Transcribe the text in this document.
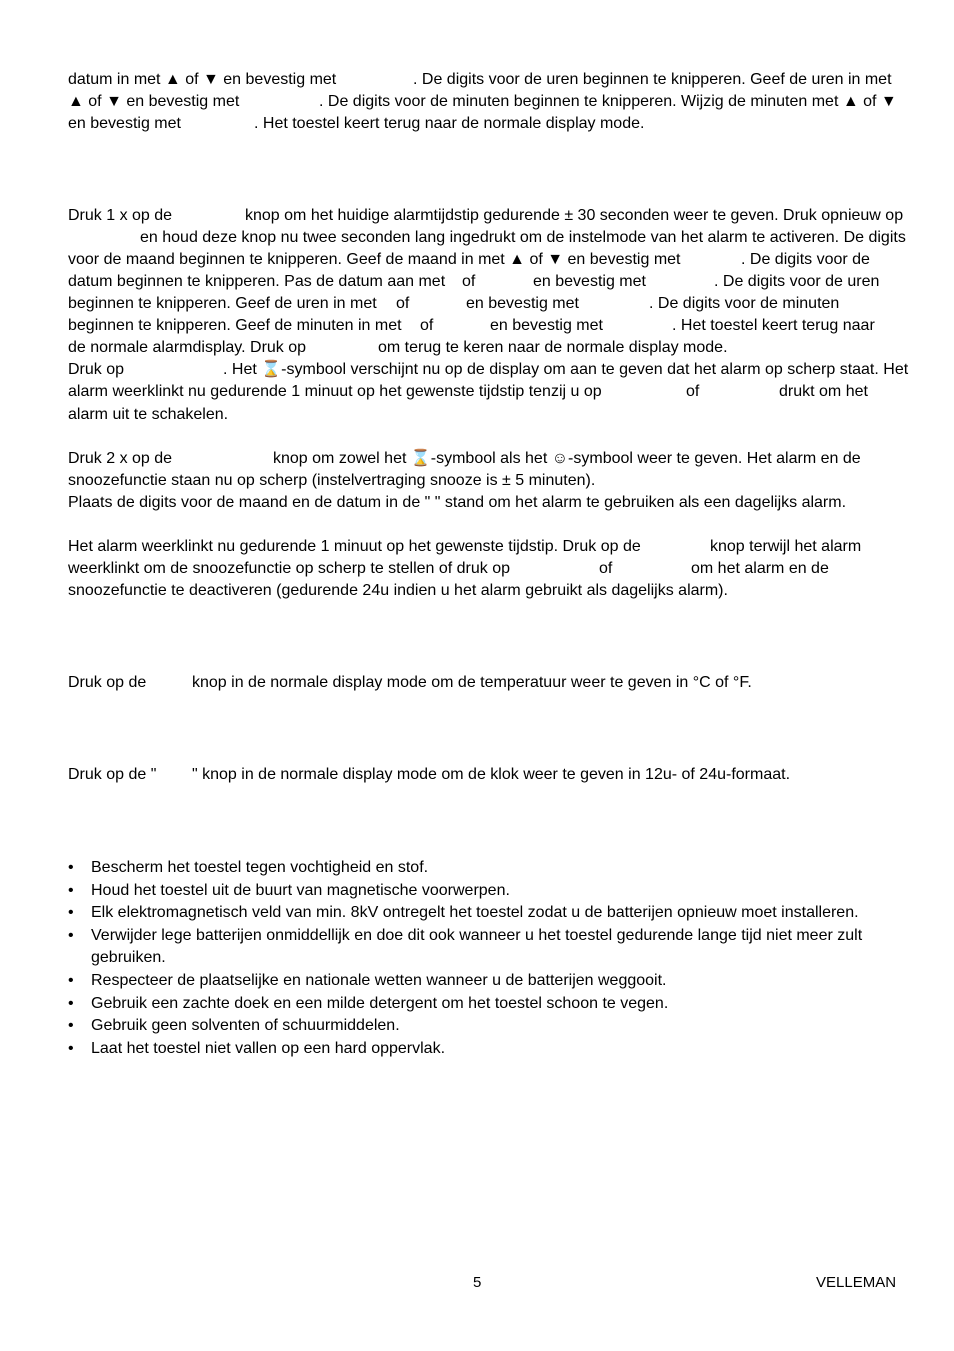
datum in met ▲ of ▼ en bevestig met	. De digits voor de uren beginnen te knipperen. Geef de uren in met
▲ of ▼ en bevestig met	. De digits voor de minuten beginnen te knipperen. Wijzig de minuten met ▲ of ▼
en bevestig met	. Het toestel keert terug naar de normale display mode.
Druk 1 x op de	knop om het huidige alarmtijdstip gedurende ± 30 seconden weer te geven. Druk opnieuw op
en houd deze knop nu twee seconden lang ingedrukt om de instelmode van het alarm te activeren. De digits
voor de maand beginnen te knipperen. Geef de maand in met ▲ of ▼ en bevestig met	. De digits voor de
datum beginnen te knipperen. Pas de datum aan met of	en bevestig met	. De digits voor de uren
beginnen te knipperen. Geef de uren in met of	en bevestig met	. De digits voor de minuten
beginnen te knipperen. Geef de minuten in met of	en bevestig met	. Het toestel keert terug naar
de normale alarmdisplay. Druk op	om terug te keren naar de normale display mode.
Druk op	. Het ⌛-symbool verschijnt nu op de display om aan te geven dat het alarm op scherp staat. Het
alarm weerklinkt nu gedurende 1 minuut op het gewenste tijdstip tenzij u op	of	drukt om het
alarm uit te schakelen.
Druk 2 x op de	knop om zowel het ⌛-symbool als het ☺-symbool weer te geven. Het alarm en de
snoozefunctie staan nu op scherp (instelvertraging snooze is ± 5 minuten).
Plaats de digits voor de maand en de datum in de " " stand om het alarm te gebruiken als een dagelijks alarm.
Het alarm weerklinkt nu gedurende 1 minuut op het gewenste tijdstip. Druk op de	knop terwijl het alarm
weerklinkt om de snoozefunctie op scherp te stellen of druk op	of	om het alarm en de
snoozefunctie te deactiveren (gedurende 24u indien u het alarm gebruikt als dagelijks alarm).
Druk op de	knop in de normale display mode om de temperatuur weer te geven in °C of °F.
Druk op de " " knop in de normale display mode om de klok weer te geven in 12u- of 24u-formaat.
• Bescherm het toestel tegen vochtigheid en stof.
• Houd het toestel uit de buurt van magnetische voorwerpen.
• Elk elektromagnetisch veld van min. 8kV ontregelt het toestel zodat u de batterijen opnieuw moet installeren.
• Verwijder lege batterijen onmiddellijk en doe dit ook wanneer u het toestel gedurende lange tijd niet meer zult
gebruiken.
• Respecteer de plaatselijke en nationale wetten wanneer u de batterijen weggooit.
• Gebruik een zachte doek en een milde detergent om het toestel schoon te vegen.
• Gebruik geen solventen of schuurmiddelen.
• Laat het toestel niet vallen op een hard oppervlak.
5	VELLEMAN
